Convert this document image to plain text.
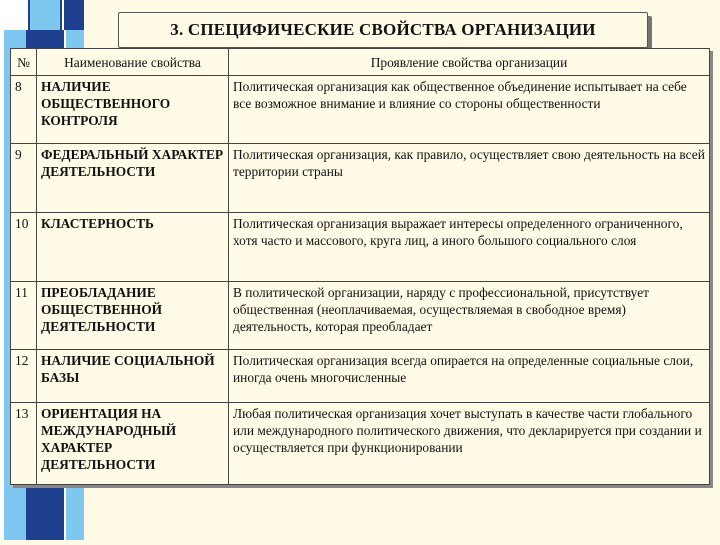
3. СПЕЦИФИЧЕСКИЕ СВОЙСТВА ОРГАНИЗАЦИИ
№	Наименование свойства	Проявление свойства организации
8	НАЛИЧИЕ ОБЩЕСТВЕННОГО КОНТРОЛЯ	Политическая организация как общественное объединение испытывает на себе все возможное внимание и влияние со стороны общественности
9	ФЕДЕРАЛЬНЫЙ ХАРАКТЕР ДЕЯТЕЛЬНОСТИ	Политическая организация, как правило, осуществляет свою деятельность на всей территории страны
10	КЛАСТЕРНОСТЬ	Политическая организация выражает интересы определенного ограниченного, хотя часто и массового, круга лиц, а иного большого социального слоя
11	ПРЕОБЛАДАНИЕ ОБЩЕСТВЕННОЙ ДЕЯТЕЛЬНОСТИ	В политической организации, наряду с профессиональной, присутствует общественная (неоплачиваемая, осуществляемая в свободное время) деятельность, которая преобладает
12	НАЛИЧИЕ СОЦИАЛЬНОЙ БАЗЫ	Политическая организация всегда опирается на определенные социальные слои, иногда очень многочисленные
13	ОРИЕНТАЦИЯ НА МЕЖДУНАРОДНЫЙ ХАРАКТЕР ДЕЯТЕЛЬНОСТИ	Любая политическая организация хочет выступать в качестве части глобального или международного политического движения, что декларируется при создании и осуществляется при функционировании
